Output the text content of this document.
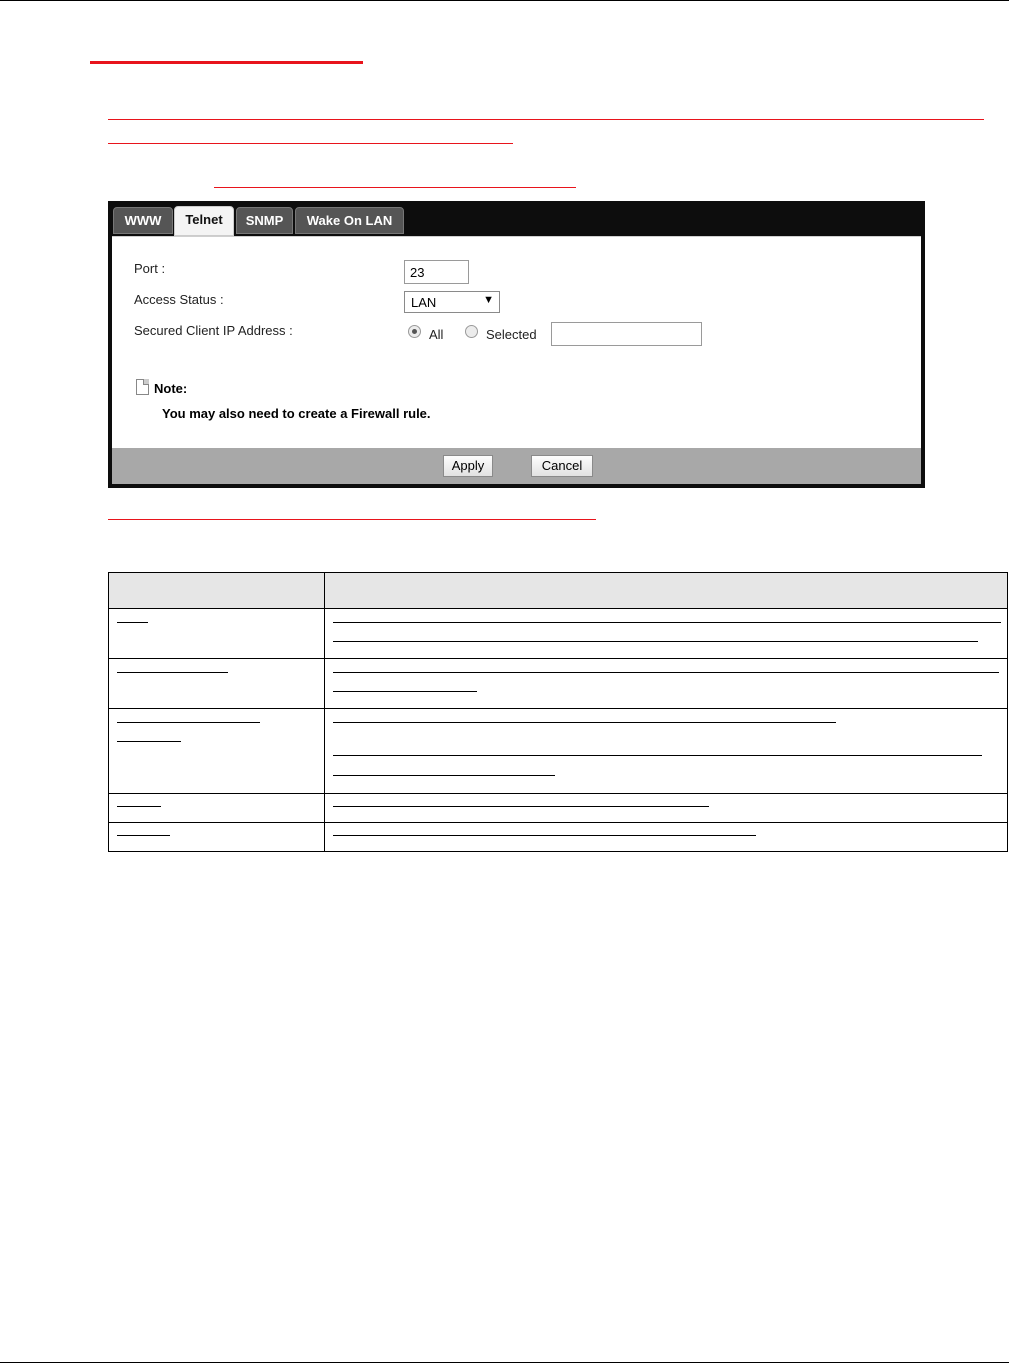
WWW	Telnet	SNMP	Wake On LAN
Port :	23
Access Status :	LAN	▼
Secured Client IP Address :	All	Selected
Note:
You may also need to create a Firewall rule.
Apply	Cancel
